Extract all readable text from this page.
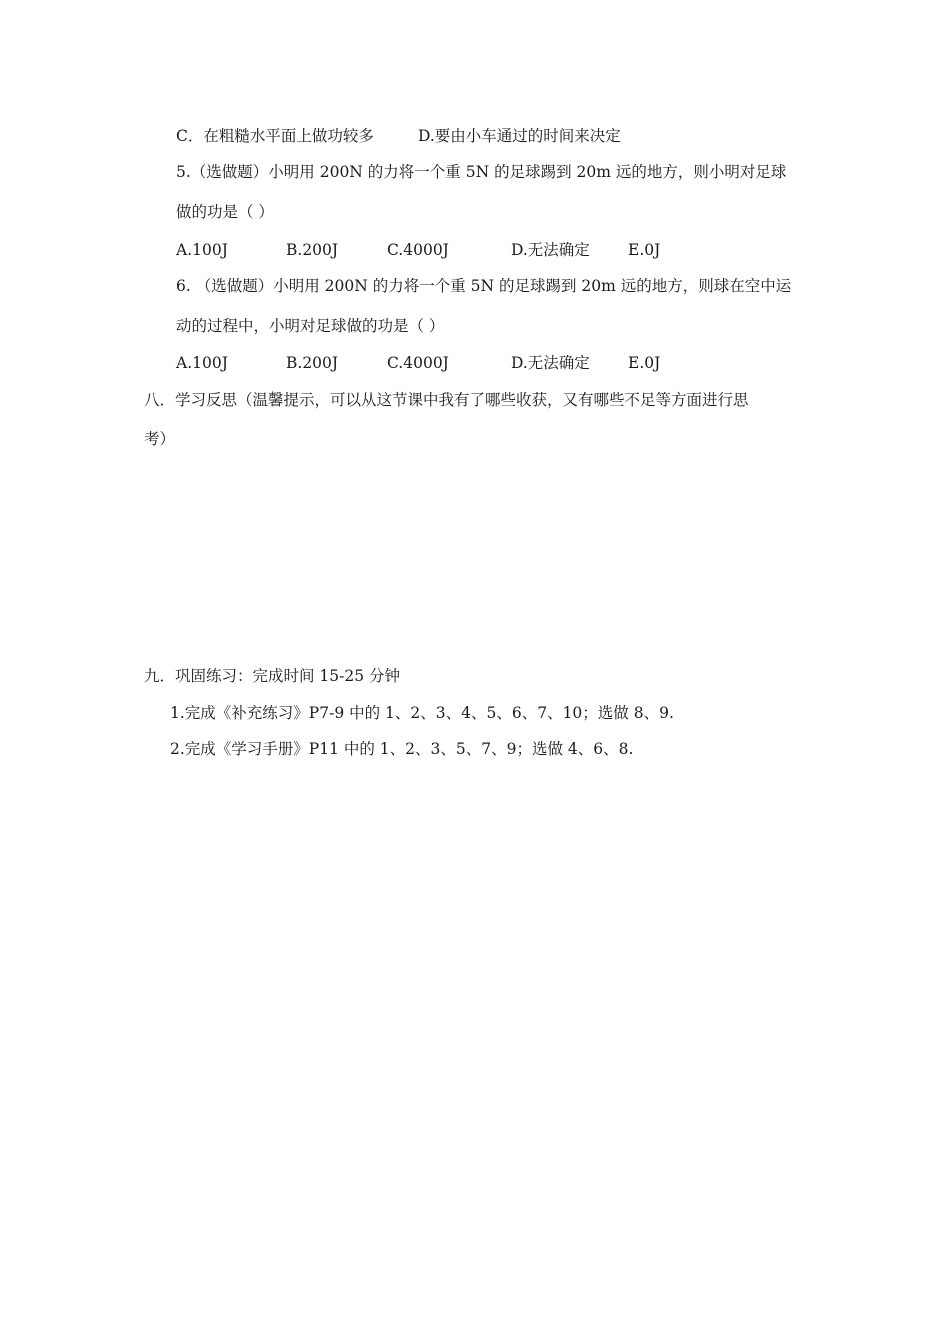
C．在粗糙水平面上做功较多	D.要由小车通过的时间来决定
5.（选做题）小明用 200N 的力将一个重 5N 的足球踢到 20m 远的地方，则小明对足球
做的功是（ ）
A.100J	B.200J	C.4000J	D.无法确定 E.0J
6. （选做题）小明用 200N 的力将一个重 5N 的足球踢到 20m 远的地方，则球在空中运
动的过程中，小明对足球做的功是（ ）
A.100J	B.200J	C.4000J	D.无法确定 E.0J
八．学习反思（温馨提示，可以从这节课中我有了哪些收获，又有哪些不足等方面进行思
考）
九．巩固练习：完成时间 15-25 分钟
1.完成《补充练习》P7-9 中的 1、2、3、4、5、6、7、10；选做 8、9.
2.完成《学习手册》P11 中的 1、2、3、5、7、9；选做 4、6、8.
